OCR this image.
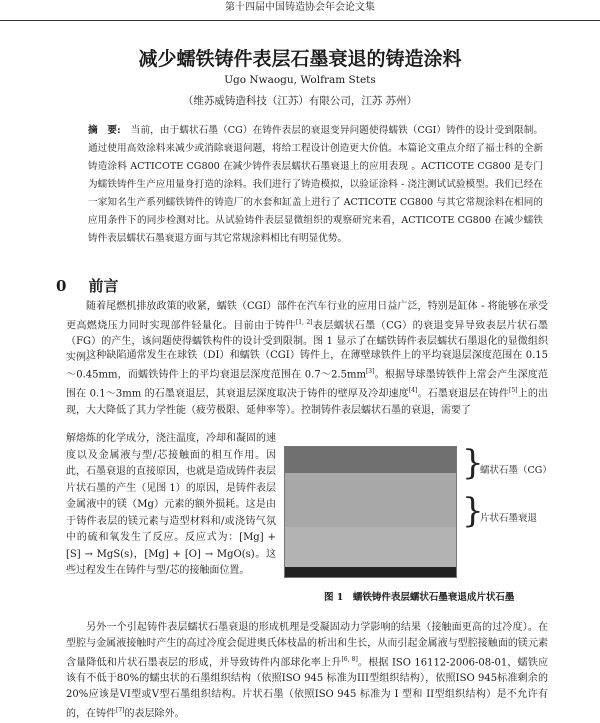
第十四届中国铸造协会年会论文集
减少蠕铁铸件表层石墨衰退的铸造涂料
Ugo Nwaogu, Wolfram Stets
（维苏威铸造科技（江苏）有限公司，江苏 苏州）
摘　要: 当前，由于蠕状石墨（CG）在铸件表层的衰退变异问题使得蠕铁（CGI）铸件的设计受到限制。通过使用高效涂料来减少或消除衰退问题，将给工程设计创造更大价值。本篇论文重点介绍了福士科的全新铸造涂料 ACTICOTE CG800 在减少铸件表层蠕状石墨衰退上的应用表现 。ACTICOTE CG800 是专门为蠕铁铸件生产应用量身打造的涂料。我们进行了铸造模拟，以验证涂料 - 浇注测试试验模型。我们已经在一家知名生产系列蠕铁铸件的铸造厂的水套和缸盖上进行了 ACTICOTE CG800 与其它常规涂料在相同的应用条件下的同步检测对比。从试验铸件表层显微组织的观察研究来看，ACTICOTE CG800 在减少蠕铁铸件表层蠕状石墨衰退方面与其它常规涂料相比有明显优势。
0 前言
  随着尾燃机排放政策的收紧，蠕铁（CGI）部件在汽车行业的应用日益广泛，特别是缸体 - 将能够在承受更高燃烧压力同时实现部件轻量化。目前由于铸件[1, 2]表层蠕状石墨（CG）的衰退变异导致表层片状石墨（FG）的产生，该问题使得蠕铁构件的设计受到限制。图 1 显示了在蠕铁铸件表层蠕状石墨退化的显微组织实例。
  这种缺陷通常发生在球铁（DI）和蠕铁（CGI）铸件上，在薄壁球铁件上的平均衰退层深度范围在 0.15～0.45mm，而蠕铁铸件上的平均衰退层深度范围在 0.7～2.5mm[3]。根据导球墨铸铁件上常会产生深度范围在 0.1～3mm 的石墨衰退层，其衰退层深度取决于铸件的壁厚及冷却速度[4]。石墨衰退层在铸件[5]上的出现，大大降低了其力学性能（疲劳极限、延伸率等）。控制铸件表层蠕状石墨的衰退，需要了
解熔炼的化学成分，浇注温度，冷却和凝固的速度以及金属液与型/芯接触面的相互作用。因此，石墨衰退的直接原因，也就是造成铸件表层片状石墨的产生（见图 1）的原因，是铸件表层金属液中的镁（Mg）元素的额外损耗。这是由于铸件表层的镁元素与造型材料和/或浇铸气氛中的硫和氧发生了反应。反应式为：[Mg] + [S] → MgS(s)，[Mg] + [O] → MgO(s)。这些过程发生在铸件与型/芯的接触面位置。
}
蠕状石墨（CG）
}
片状石墨衰退
图 1　蠕铁铸件表层蠕状石墨衰退成片状石墨
  另外一个引起铸件表层蠕状石墨衰退的形成机理是受凝固动力学影响的结果（接触面更高的过冷度）。在型腔与金属液接触时产生的高过冷度会促进奥氏体枝晶的析出和生长，从而引起金属液与型腔接触面的镁元素含量降低和片状石墨表层的形成，并导致铸件内部球化率上升[6, 8]。根据 ISO 16112-2006-08-01，蠕铁应该有不低于80%的蠕虫状的石墨组织结构（依照ISO 945 标准为III型组织结构），依照ISO 945标准剩余的20%应该是VI型或V型石墨组织结构。片状石墨（依照ISO 945 标准为 I 型和 II型组织结构）是不允许有的，在铸件[7]的表层除外。
